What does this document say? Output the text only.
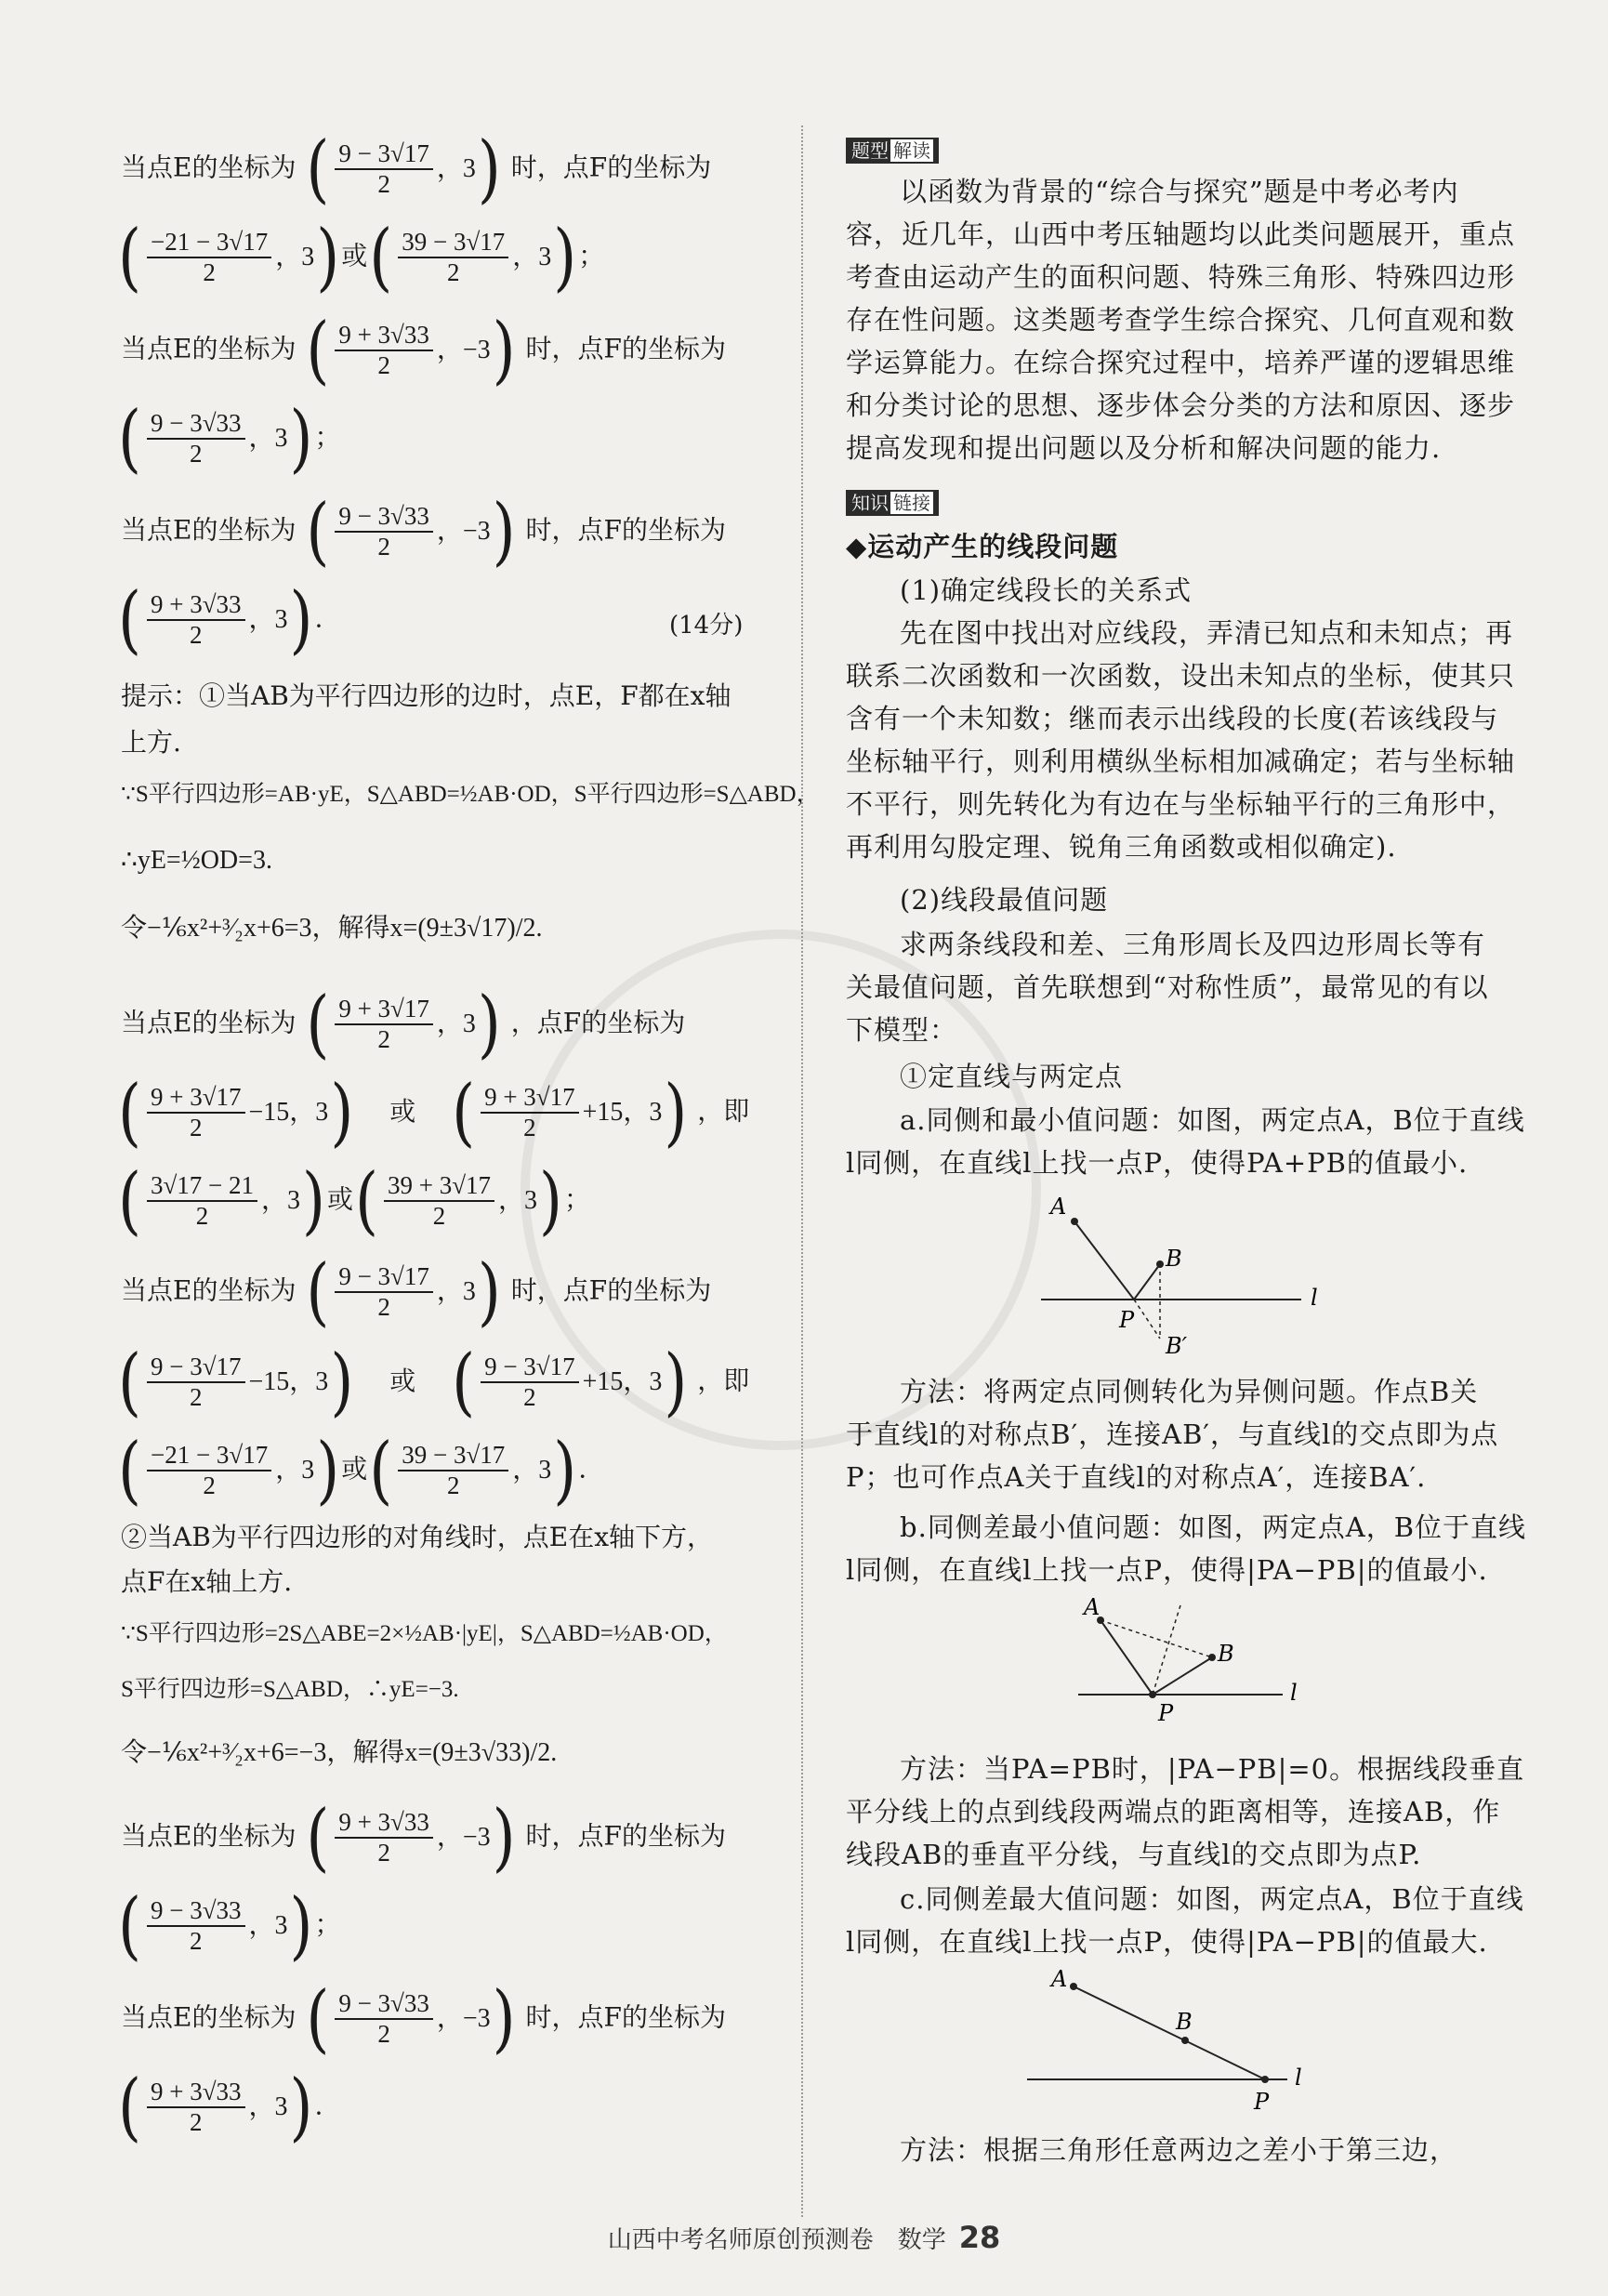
当点E的坐标为 ( $\frac{9 - 3√17}{2}$ ，3 ) 时，点F的坐标为
( $\frac{-21 - 3√17}{2}$ ，3 ) 或 ( $\frac{39 - 3√17}{2}$ ，3 ) ；
当点E的坐标为 ( $\frac{9 + 3√33}{2}$ ，−3 ) 时，点F的坐标为
( $\frac{9 - 3√33}{2}$ ，3 ) ；
当点E的坐标为 ( $\frac{9 - 3√33}{2}$ ，−3 ) 时，点F的坐标为
( $\frac{9 + 3√33}{2}$ ，3 ) .	(14分)
提示：①当AB为平行四边形的边时，点E，F都在x轴
上方.
∵S平行四边形=AB·yE，S△ABD=½AB·OD，S平行四边形=S△ABD，
∴yE=½OD=3.
令−⅙x²+³⁄₂x+6=3，解得x=(9±3√17)/2.
当点E的坐标为 ( $\frac{9 + 3√17}{2}$ ，3 ) ，点F的坐标为
( $\frac{9 + 3√17}{2} -15$，3 ) 或 ( $\frac{9 + 3√17}{2} +15$，3 ) ，即
( $\frac{3√17 - 21}{2}$ ，3 ) 或 ( $\frac{39 + 3√17}{2}$ ，3 ) ；
当点E的坐标为 ( $\frac{9 - 3√17}{2}$ ，3 ) 时，点F的坐标为
( $\frac{9 - 3√17}{2} -15$，3 ) 或 ( $\frac{9 - 3√17}{2} +15$，3 ) ，即
( $\frac{-21 - 3√17}{2}$ ，3 ) 或 ( $\frac{39 - 3√17}{2}$ ，3 ) .
②当AB为平行四边形的对角线时，点E在x轴下方，
点F在x轴上方.
∵S平行四边形=2S△ABE=2×½AB·|yE|，S△ABD=½AB·OD，
S平行四边形=S△ABD，∴yE=−3.
令−⅙x²+³⁄₂x+6=−3，解得x=(9±3√33)/2.
当点E的坐标为 ( $\frac{9 + 3√33}{2}$ ，−3 ) 时，点F的坐标为
( $\frac{9 - 3√33}{2}$ ，3 ) ；
当点E的坐标为 ( $\frac{9 - 3√33}{2}$ ，−3 ) 时，点F的坐标为
( $\frac{9 + 3√33}{2}$ ，3 ) .
题型 解读
以函数为背景的“综合与探究”题是中考必考内
容，近几年，山西中考压轴题均以此类问题展开，重点
考查由运动产生的面积问题、特殊三角形、特殊四边形
存在性问题。这类题考查学生综合探究、几何直观和数
学运算能力。在综合探究过程中，培养严谨的逻辑思维
和分类讨论的思想、逐步体会分类的方法和原因、逐步
提高发现和提出问题以及分析和解决问题的能力.
知识 链接
◆运动产生的线段问题
(1)确定线段长的关系式
先在图中找出对应线段，弄清已知点和未知点；再
联系二次函数和一次函数，设出未知点的坐标，使其只
含有一个未知数；继而表示出线段的长度(若该线段与
坐标轴平行，则利用横纵坐标相加减确定；若与坐标轴
不平行，则先转化为有边在与坐标轴平行的三角形中，
再利用勾股定理、锐角三角函数或相似确定).
(2)线段最值问题
求两条线段和差、三角形周长及四边形周长等有
关最值问题，首先联想到“对称性质”，最常见的有以
下模型：
①定直线与两定点
a.同侧和最小值问题：如图，两定点A，B位于直线
l同侧，在直线l上找一点P，使得PA+PB的值最小.
A
B
P
B′
l
方法：将两定点同侧转化为异侧问题。作点B关
于直线l的对称点B′，连接AB′，与直线l的交点即为点
P；也可作点A关于直线l的对称点A′，连接BA′.
b.同侧差最小值问题：如图，两定点A，B位于直线
l同侧，在直线l上找一点P，使得|PA−PB|的值最小.
A
B
P
l
方法：当PA=PB时，|PA−PB|=0。根据线段垂直
平分线上的点到线段两端点的距离相等，连接AB，作
线段AB的垂直平分线，与直线l的交点即为点P.
c.同侧差最大值问题：如图，两定点A，B位于直线
l同侧，在直线l上找一点P，使得|PA−PB|的值最大.
A
B
P
l
方法：根据三角形任意两边之差小于第三边，
山西中考名师原创预测卷　数学 28
